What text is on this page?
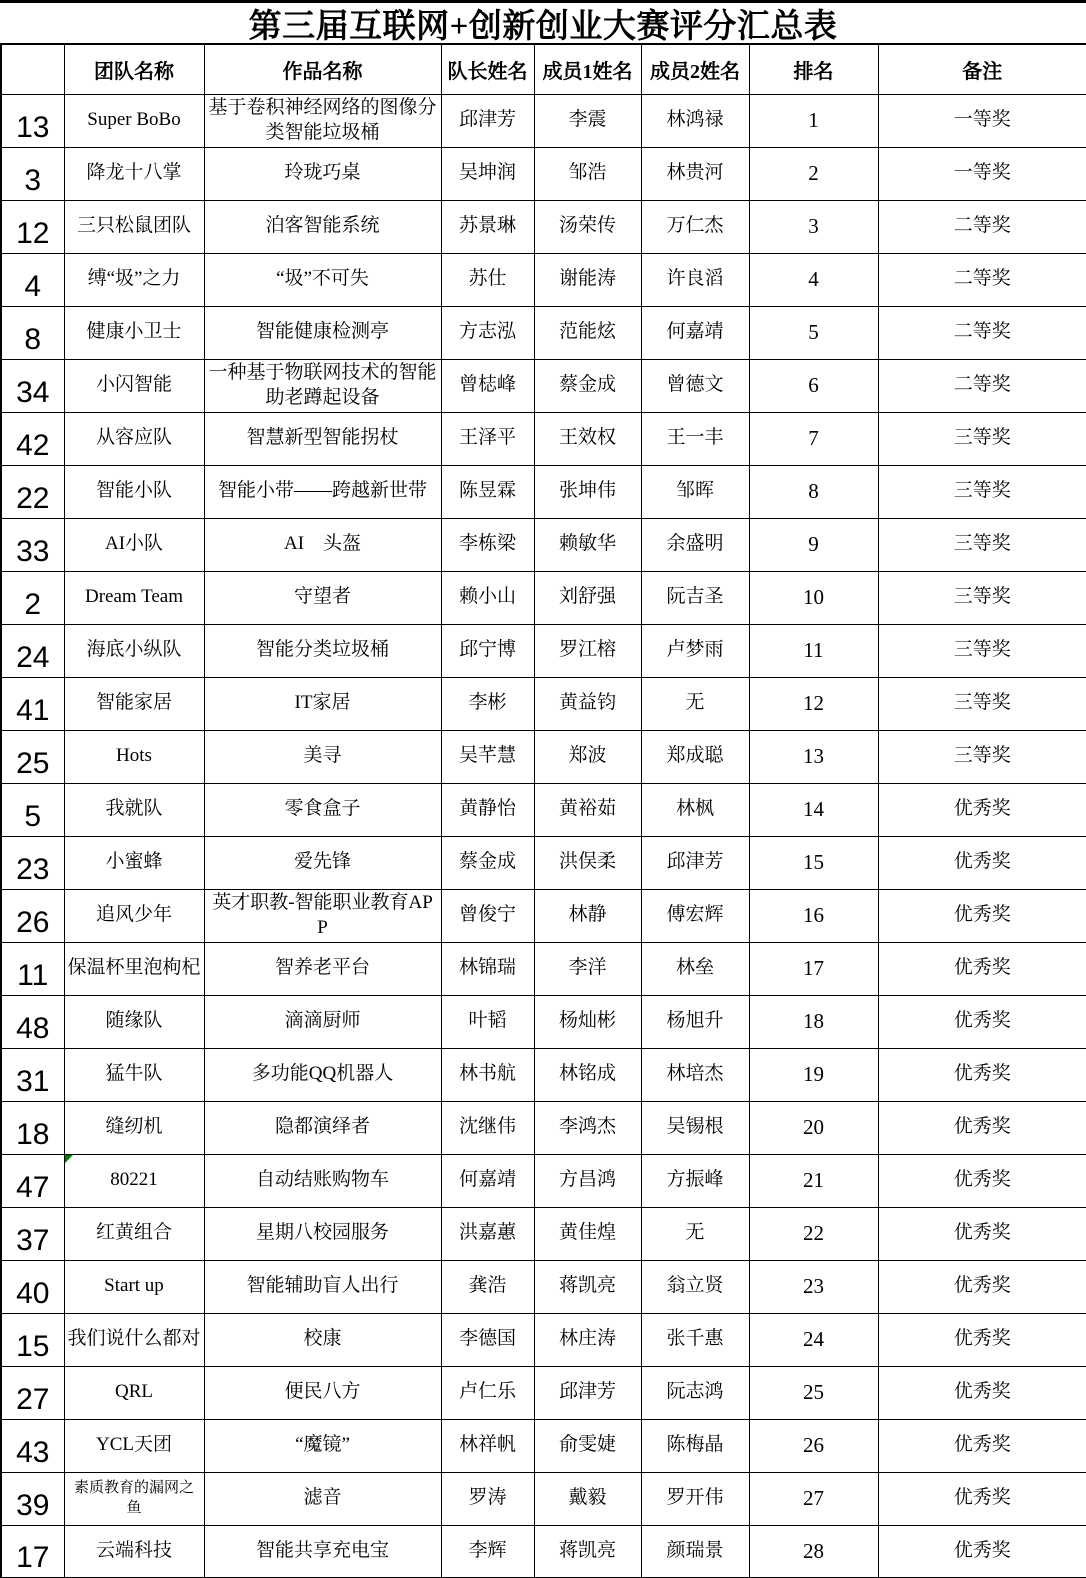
第三届互联网+创新创业大赛评分汇总表
	团队名称	作品名称	队长姓名	成员1姓名	成员2姓名	排名	备注
13	Super BoBo	基于卷积神经网络的图像分类智能垃圾桶	邱津芳	李震	林鸿禄	1	一等奖
3	降龙十八掌	玲珑巧桌	吴坤润	邹浩	林贵河	2	一等奖
12	三只松鼠团队	泊客智能系统	苏景琳	汤荣传	万仁杰	3	二等奖
4	缚“圾”之力	“圾”不可失	苏仕	谢能涛	许良滔	4	二等奖
8	健康小卫士	智能健康检测亭	方志泓	范能炫	何嘉靖	5	二等奖
34	小闪智能	一种基于物联网技术的智能助老蹲起设备	曾梽峰	蔡金成	曾德文	6	二等奖
42	从容应队	智慧新型智能拐杖	王泽平	王效权	王一丰	7	三等奖
22	智能小队	智能小带——跨越新世带	陈昱霖	张坤伟	邹晖	8	三等奖
33	AI小队	AI　头盔	李栋梁	赖敏华	余盛明	9	三等奖
2	Dream Team	守望者	赖小山	刘舒强	阮吉圣	10	三等奖
24	海底小纵队	智能分类垃圾桶	邱宁博	罗江榕	卢梦雨	11	三等奖
41	智能家居	IT家居	李彬	黄益钧	无	12	三等奖
25	Hots	美寻	吴芊慧	郑波	郑成聪	13	三等奖
5	我就队	零食盒子	黄静怡	黄裕茹	林枫	14	优秀奖
23	小蜜蜂	爱先锋	蔡金成	洪俣柔	邱津芳	15	优秀奖
26	追风少年	英才职教-智能职业教育APP	曾俊宁	林静	傅宏辉	16	优秀奖
11	保温杯里泡枸杞	智养老平台	林锦瑞	李洋	林垒	17	优秀奖
48	随缘队	滴滴厨师	叶韬	杨灿彬	杨旭升	18	优秀奖
31	猛牛队	多功能QQ机器人	林书航	林铭成	林培杰	19	优秀奖
18	缝纫机	隐都演绎者	沈继伟	李鸿杰	吴锡根	20	优秀奖
47	80221	自动结账购物车	何嘉靖	方昌鸿	方振峰	21	优秀奖
37	红黄组合	星期八校园服务	洪嘉蕙	黄佳煌	无	22	优秀奖
40	Start up	智能辅助盲人出行	龚浩	蒋凯亮	翁立贤	23	优秀奖
15	我们说什么都对	校康	李德国	林庄涛	张千惠	24	优秀奖
27	QRL	便民八方	卢仁乐	邱津芳	阮志鸿	25	优秀奖
43	YCL天团	“魔镜”	林祥帆	俞雯婕	陈梅晶	26	优秀奖
39	素质教育的漏网之鱼	滤音	罗涛	戴毅	罗开伟	27	优秀奖
17	云端科技	智能共享充电宝	李辉	蒋凯亮	颜瑞景	28	优秀奖
